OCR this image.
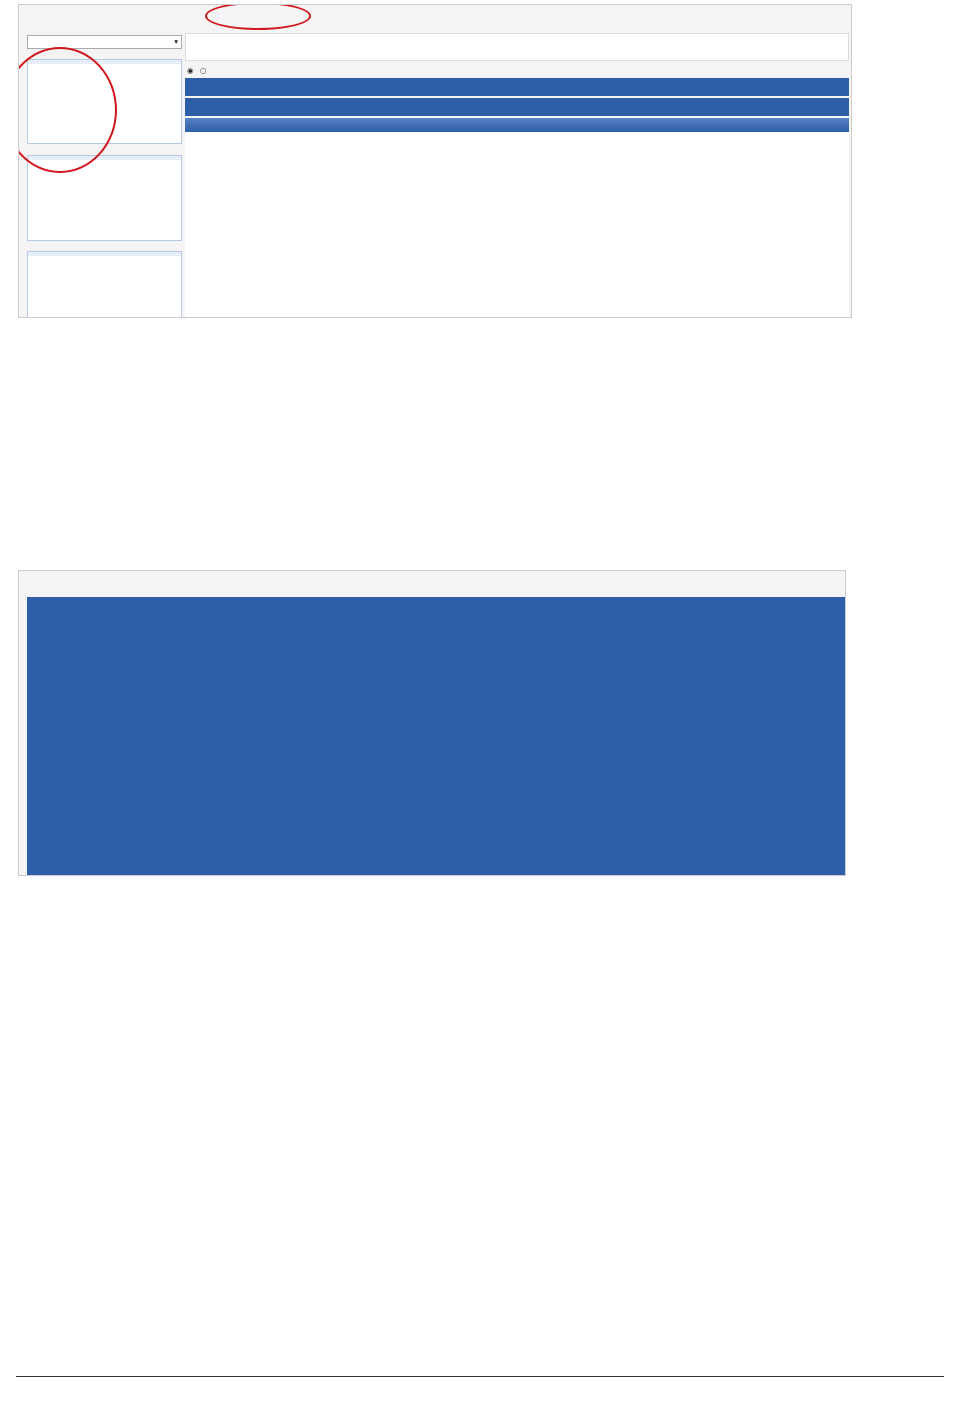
▾
◉ ○
